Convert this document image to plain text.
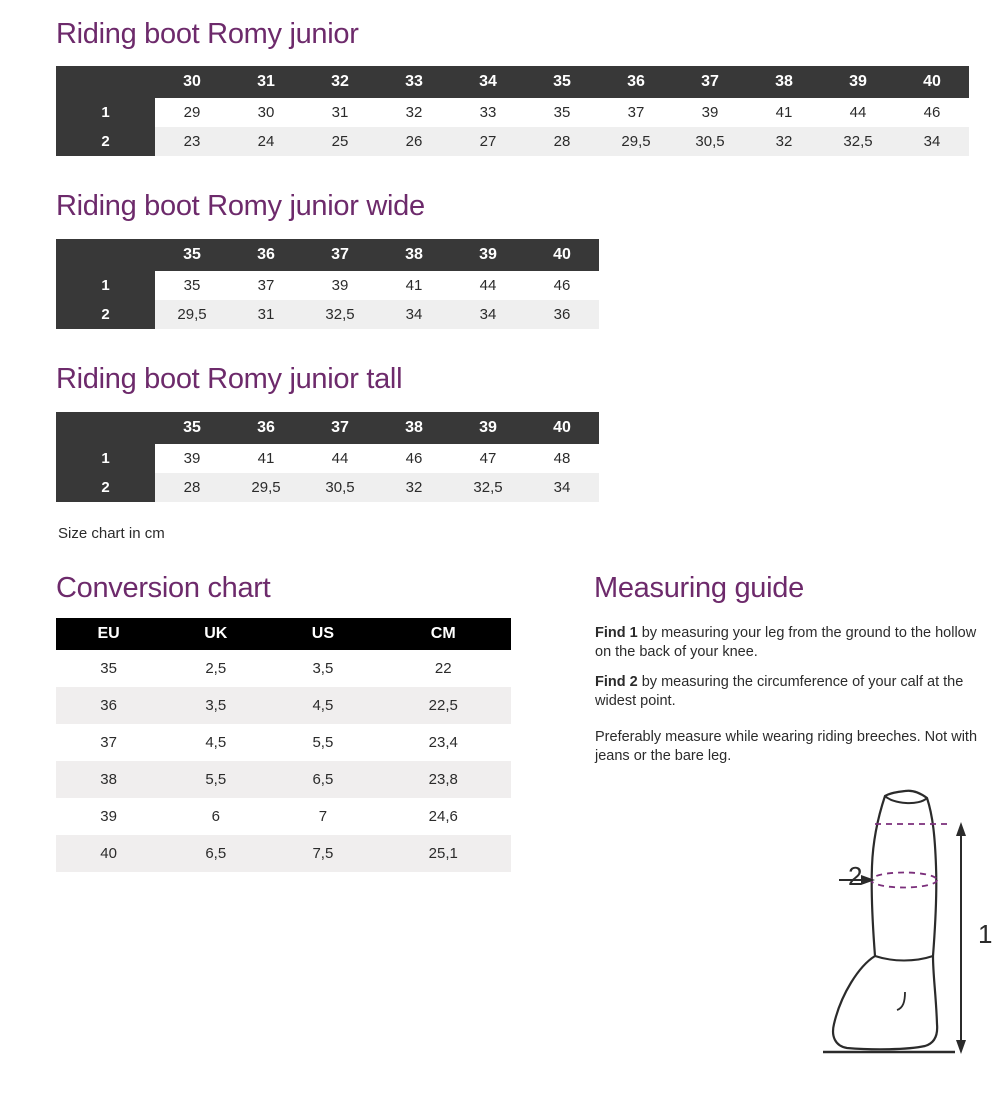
Riding boot Romy junior
	30	31	32	33	34	35	36	37	38	39	40
1	29	30	31	32	33	35	37	39	41	44	46
2	23	24	25	26	27	28	29,5	30,5	32	32,5	34
Riding boot Romy junior wide
	35	36	37	38	39	40
1	35	37	39	41	44	46
2	29,5	31	32,5	34	34	36
Riding boot Romy junior tall
	35	36	37	38	39	40
1	39	41	44	46	47	48
2	28	29,5	30,5	32	32,5	34
Size chart in cm
Conversion chart
EU	UK	US	CM
35	2,5	3,5	22
36	3,5	4,5	22,5
37	4,5	5,5	23,4
38	5,5	6,5	23,8
39	6	7	24,6
40	6,5	7,5	25,1
Measuring guide

Find 1 by measuring your leg from the ground to the hollow on the back of your knee.

Find 2 by measuring the circumference of your calf at the widest point.

Preferably measure while wearing riding breeches. Not with jeans or the bare leg.

1
2
